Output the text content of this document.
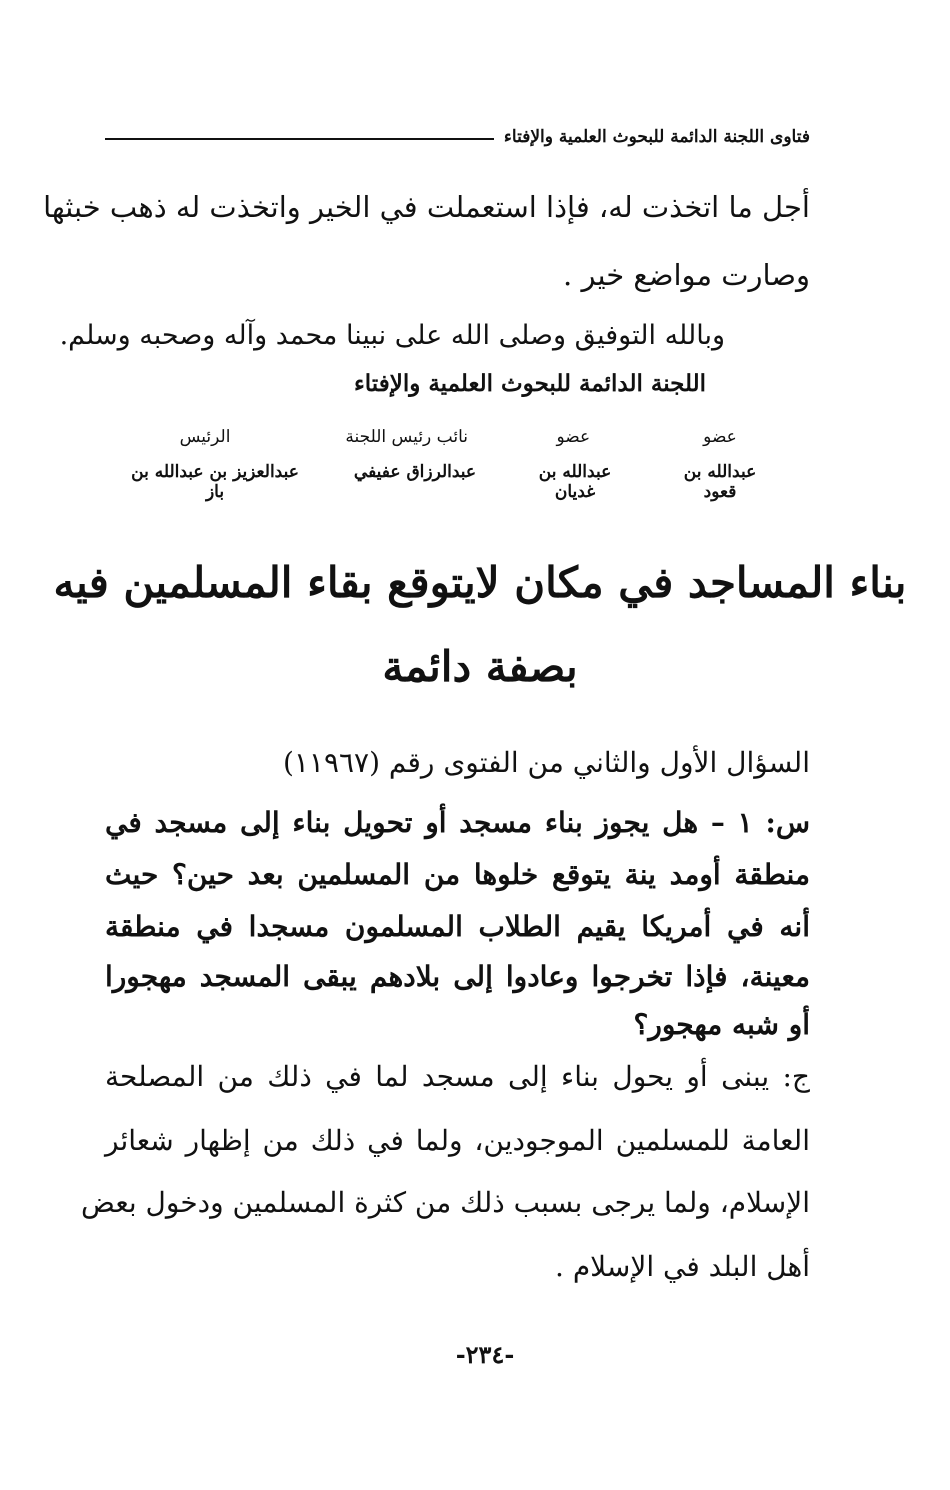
فتاوى اللجنة الدائمة للبحوث العلمية والإفتاء
أجل ما اتخذت له، فإذا استعملت في الخير واتخذت له ذهب خبثها
وصارت مواضع خير .
وبالله التوفيق وصلى الله على نبينا محمد وآله وصحبه وسلم.
اللجنة الدائمة للبحوث العلمية والإفتاء
عضو
عضو
نائب رئيس اللجنة
الرئيس
عبدالله بن قعود
عبدالله بن غديان
عبدالرزاق عفيفي
عبدالعزيز بن عبدالله بن باز
بناء المساجد في مكان لايتوقع بقاء المسلمين فيه
بصفة دائمة
السؤال الأول والثاني من الفتوى رقم (١١٩٦٧)
س: ١ – هل يجوز بناء مسجد أو تحويل بناء إلى مسجد في
منطقة أومد ينة يتوقع خلوها من المسلمين بعد حين؟ حيث
أنه في أمريكا يقيم الطلاب المسلمون مسجدا في منطقة
معينة، فإذا تخرجوا وعادوا إلى بلادهم يبقى المسجد مهجورا
أو شبه مهجور؟
ج: يبنى أو يحول بناء إلى مسجد لما في ذلك من المصلحة
العامة للمسلمين الموجودين، ولما في ذلك من إظهار شعائر
الإسلام، ولما يرجى بسبب ذلك من كثرة المسلمين ودخول بعض
أهل البلد في الإسلام .
-٢٣٤-
